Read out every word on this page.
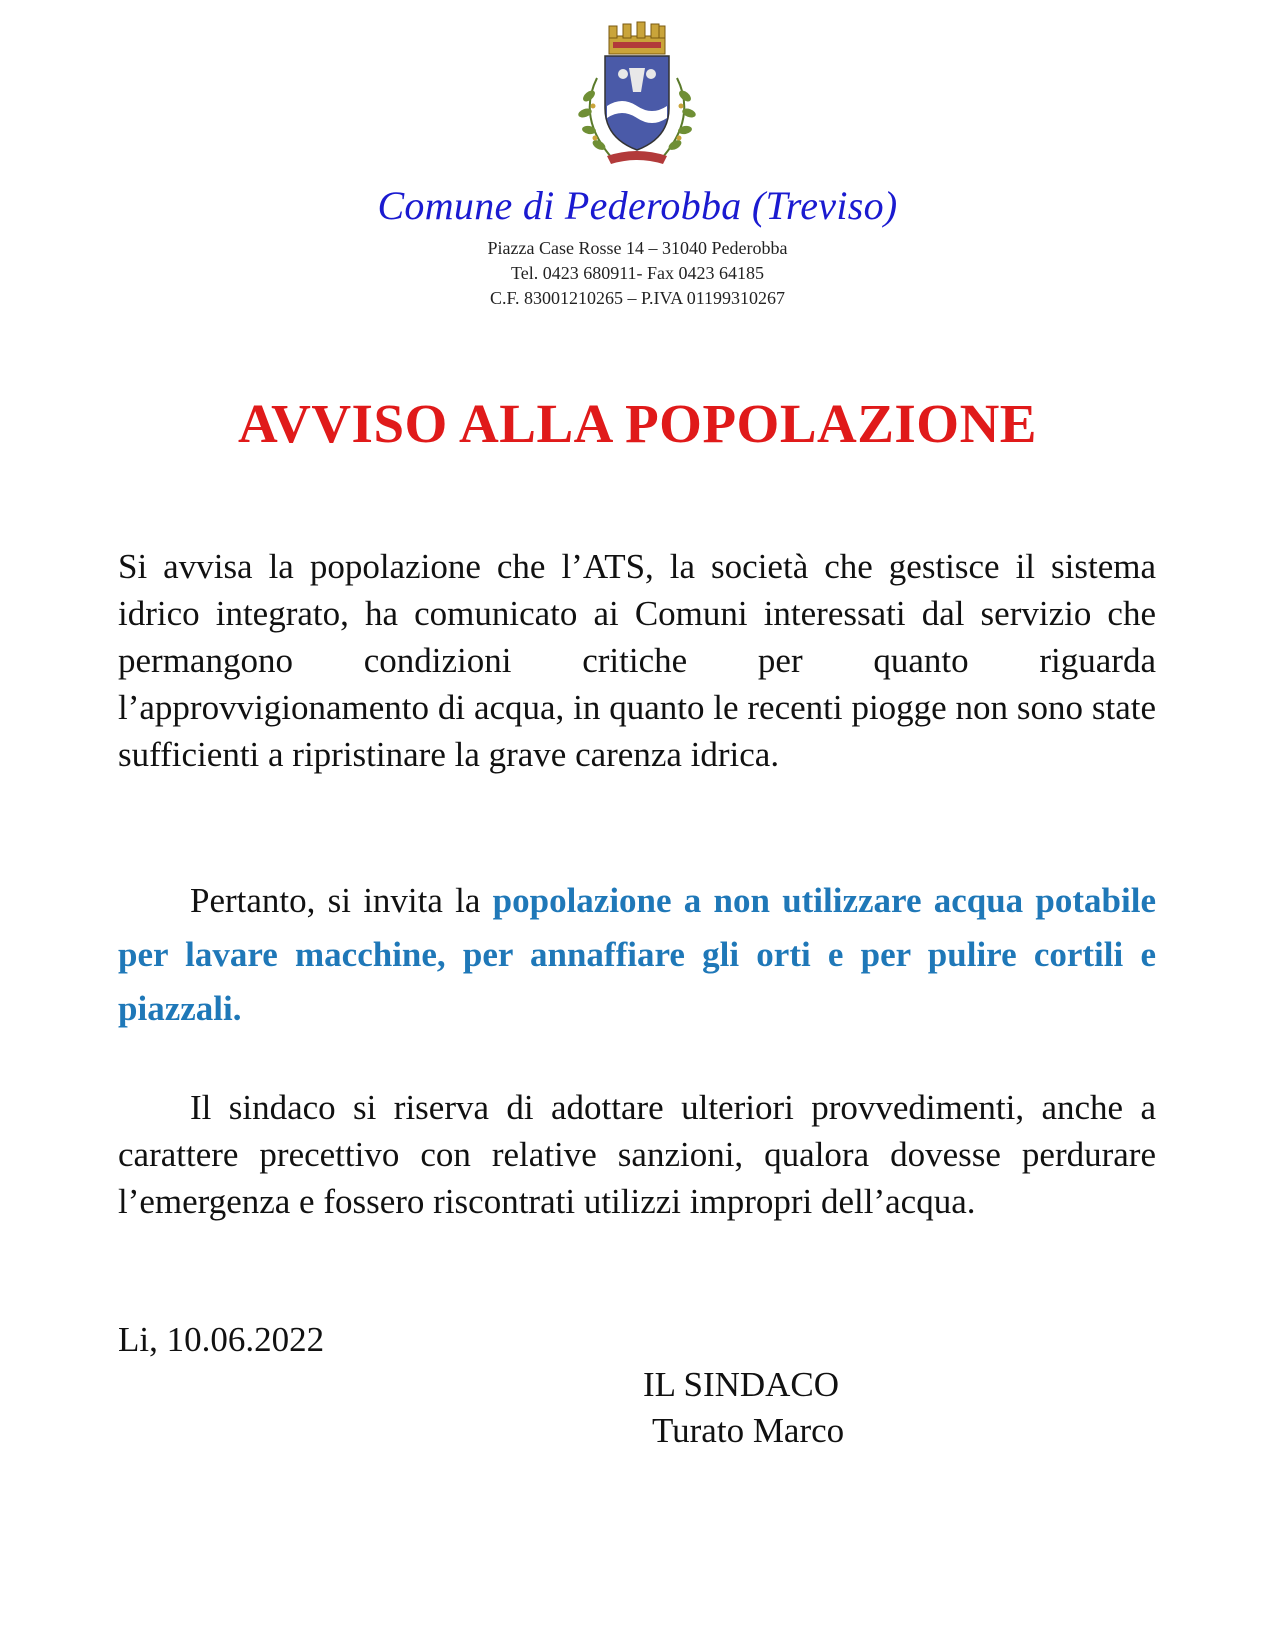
Comune di Pederobba (Treviso)
Piazza Case Rosse 14 – 31040 Pederobba
Tel. 0423 680911- Fax 0423 64185
C.F. 83001210265 – P.IVA 01199310267
AVVISO ALLA POPOLAZIONE
Si avvisa la popolazione che l’ATS, la società che gestisce il sistema idrico integrato, ha comunicato ai Comuni interessati dal servizio che permangono condizioni critiche per quanto riguarda l’approvvigionamento di acqua, in quanto le recenti piogge non sono state sufficienti a ripristinare la grave carenza idrica.
Pertanto, si invita la popolazione a non utilizzare acqua potabile per lavare macchine, per annaffiare gli orti e per pulire cortili e piazzali.
Il sindaco si riserva di adottare ulteriori provvedimenti, anche a carattere precettivo con relative sanzioni, qualora dovesse perdurare l’emergenza e fossero riscontrati utilizzi impropri dell’acqua.
Li, 10.06.2022
IL SINDACO
Turato Marco
